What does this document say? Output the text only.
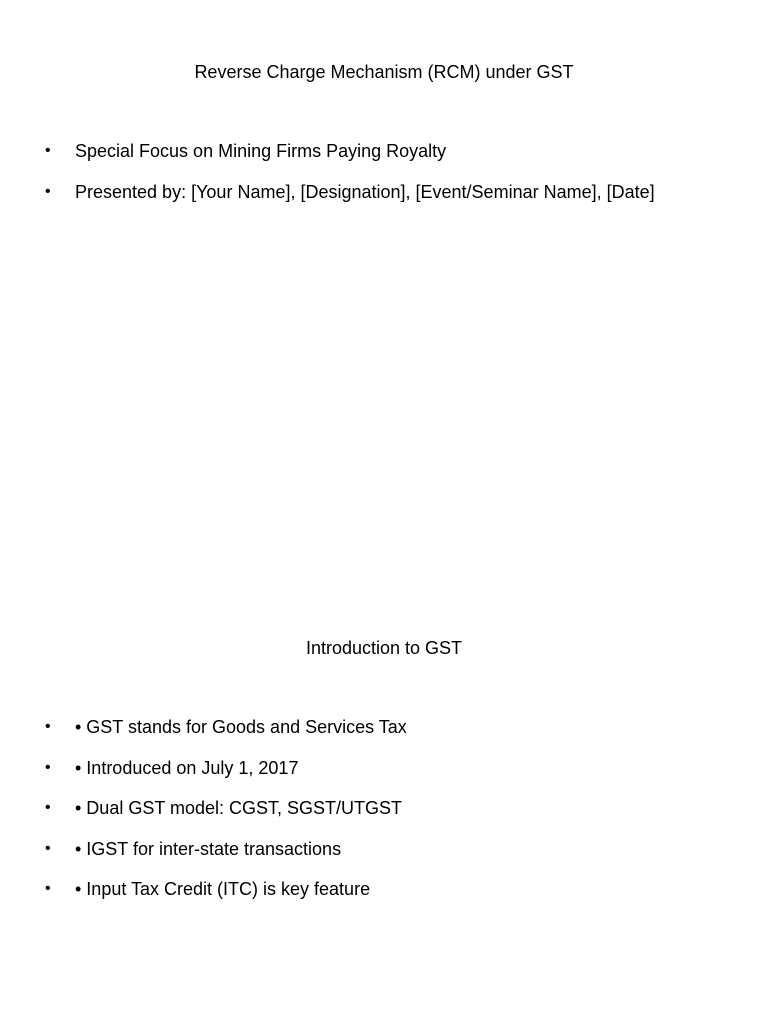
Reverse Charge Mechanism (RCM) under GST
• Special Focus on Mining Firms Paying Royalty
• Presented by: [Your Name], [Designation], [Event/Seminar Name], [Date]
Introduction to GST
• • GST stands for Goods and Services Tax
• • Introduced on July 1, 2017
• • Dual GST model: CGST, SGST/UTGST
• • IGST for inter-state transactions
• • Input Tax Credit (ITC) is key feature
